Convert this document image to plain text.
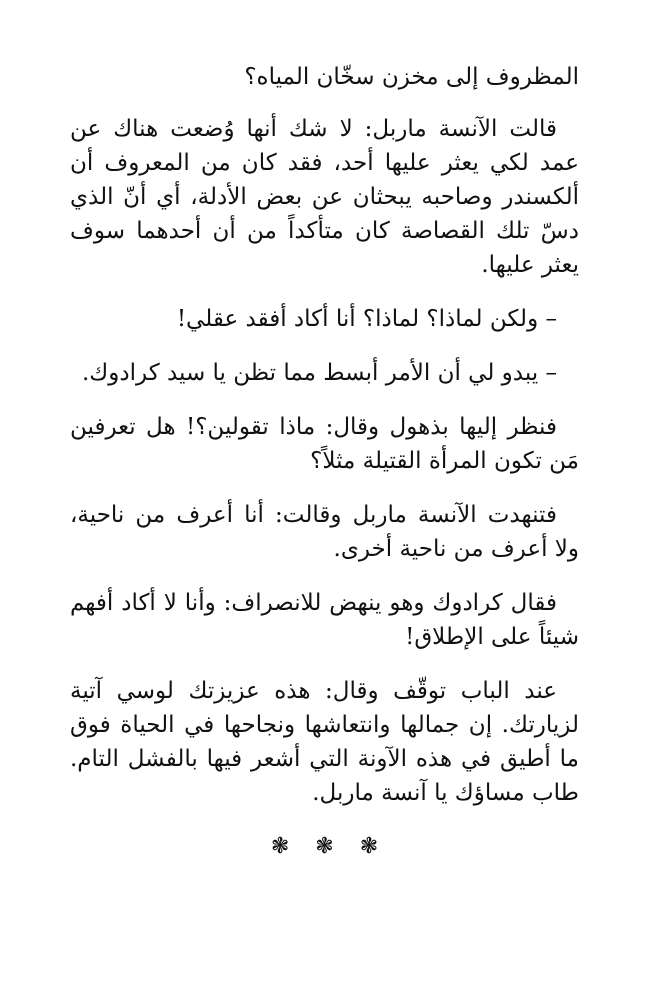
المظروف إلى مخزن سخّان المياه؟

قالت الآنسة ماربل: لا شك أنها وُضعت هناك عن عمد لكي يعثر عليها أحد، فقد كان من المعروف أن ألكسندر وصاحبه يبحثان عن بعض الأدلة، أي أنّ الذي دسّ تلك القصاصة كان متأكداً من أن أحدهما سوف يعثر عليها.

– ولكن لماذا؟ لماذا؟ أنا أكاد أفقد عقلي!

– يبدو لي أن الأمر أبسط مما تظن يا سيد كرادوك.

فنظر إليها بذهول وقال: ماذا تقولين؟! هل تعرفين مَن تكون المرأة القتيلة مثلاً؟

فتنهدت الآنسة ماربل وقالت: أنا أعرف من ناحية، ولا أعرف من ناحية أخرى.

فقال كرادوك وهو ينهض للانصراف: وأنا لا أكاد أفهم شيئاً على الإطلاق!

عند الباب توقّف وقال: هذه عزيزتك لوسي آتية لزيارتك. إن جمالها وانتعاشها ونجاحها في الحياة فوق ما أطيق في هذه الآونة التي أشعر فيها بالفشل التام. طاب مساؤك يا آنسة ماربل.

❃
❃
❃
